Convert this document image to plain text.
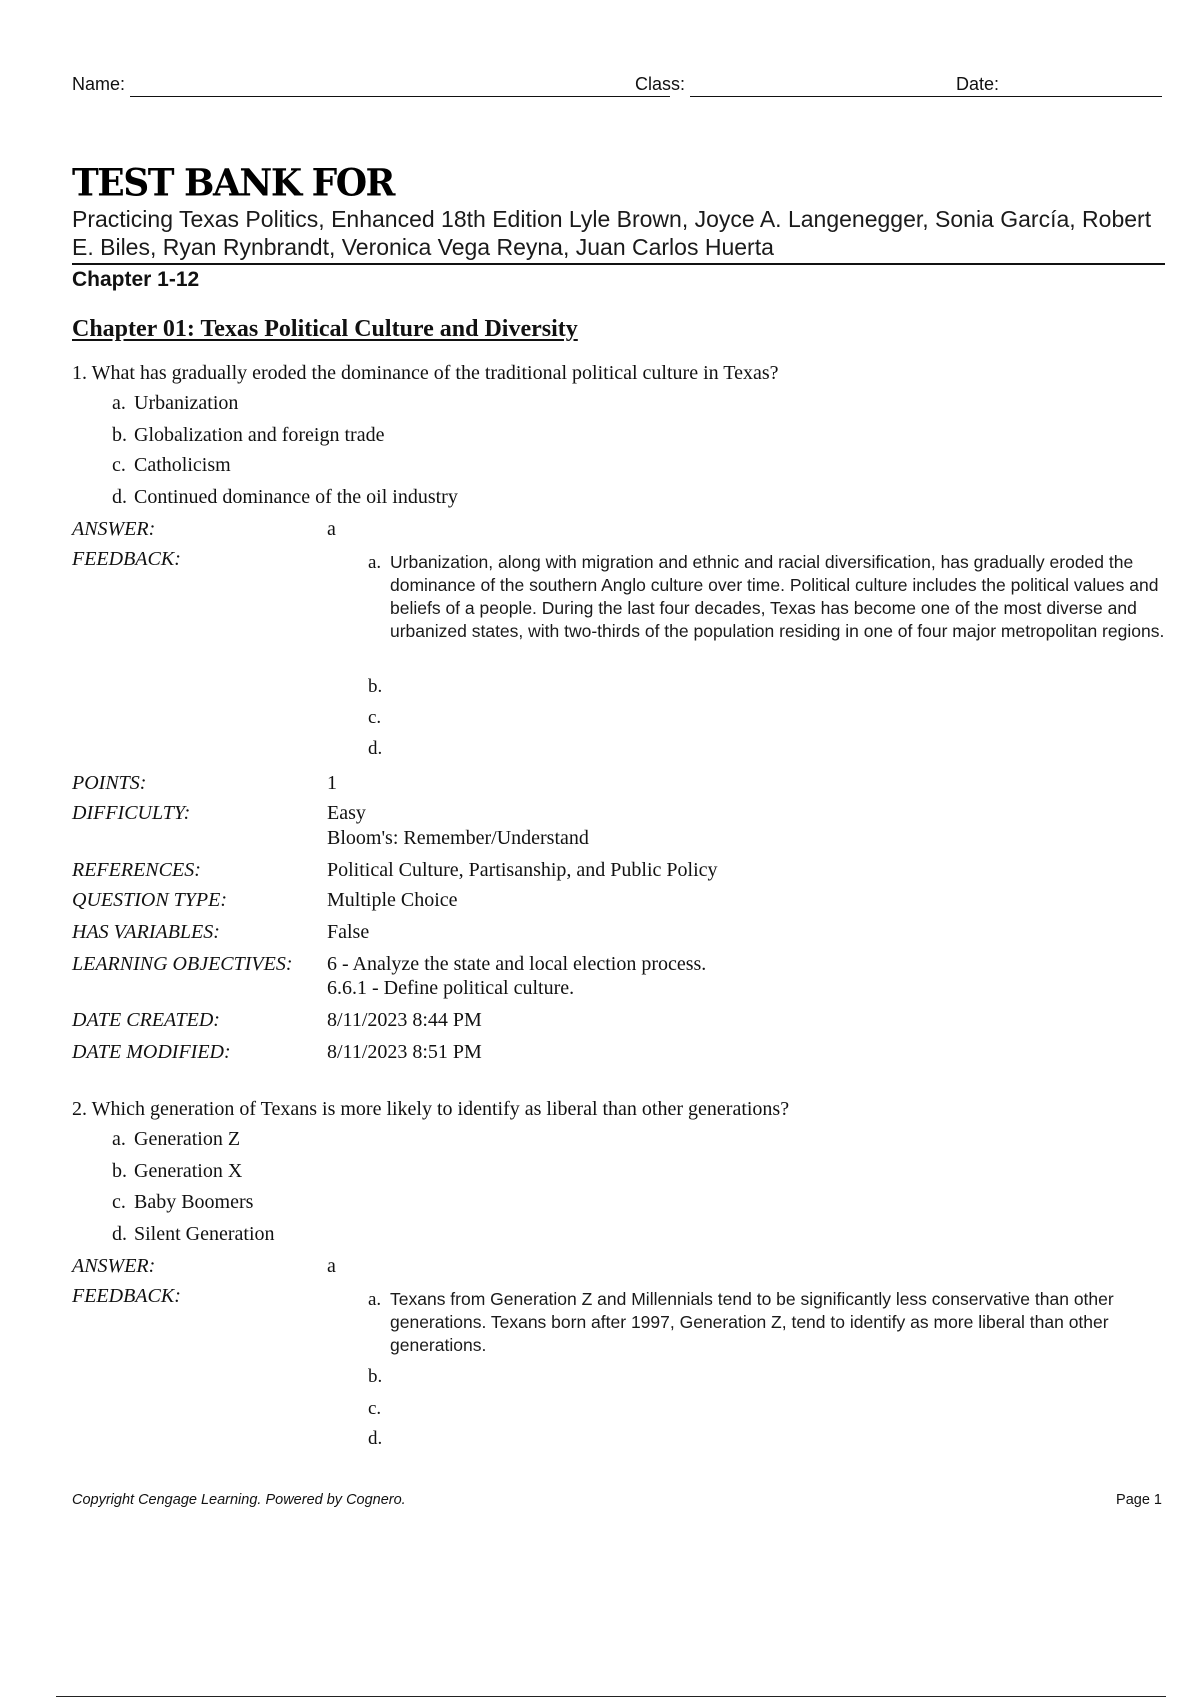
Name:	Class:	Date:
TEST BANK FOR
Practicing Texas Politics, Enhanced 18th Edition Lyle Brown, Joyce A. Langenegger, Sonia García, Robert E. Biles, Ryan Rynbrandt, Veronica Vega Reyna, Juan Carlos Huerta
Chapter 1-12
Chapter 01: Texas Political Culture and Diversity
1. What has gradually eroded the dominance of the traditional political culture in Texas?
a. Urbanization
b. Globalization and foreign trade
c. Catholicism
d. Continued dominance of the oil industry
ANSWER:	a
FEEDBACK:	a. Urbanization, along with migration and ethnic and racial diversification, has gradually eroded the dominance of the southern Anglo culture over time. Political culture includes the political values and beliefs of a people. During the last four decades, Texas has become one of the most diverse and urbanized states, with two-thirds of the population residing in one of four major metropolitan regions.
b.
c.
d.
POINTS:	1
DIFFICULTY:	Easy
Bloom's: Remember/Understand
REFERENCES:	Political Culture, Partisanship, and Public Policy
QUESTION TYPE:	Multiple Choice
HAS VARIABLES:	False
LEARNING OBJECTIVES: 6 - Analyze the state and local election process.
6.6.1 - Define political culture.
DATE CREATED:	8/11/2023 8:44 PM
DATE MODIFIED:	8/11/2023 8:51 PM
2. Which generation of Texans is more likely to identify as liberal than other generations?
a. Generation Z
b. Generation X
c. Baby Boomers
d. Silent Generation
ANSWER:	a
FEEDBACK:	a. Texans from Generation Z and Millennials tend to be significantly less conservative than other generations. Texans born after 1997, Generation Z, tend to identify as more liberal than other generations.
b.
c.
d.
Copyright Cengage Learning. Powered by Cognero.	Page 1
